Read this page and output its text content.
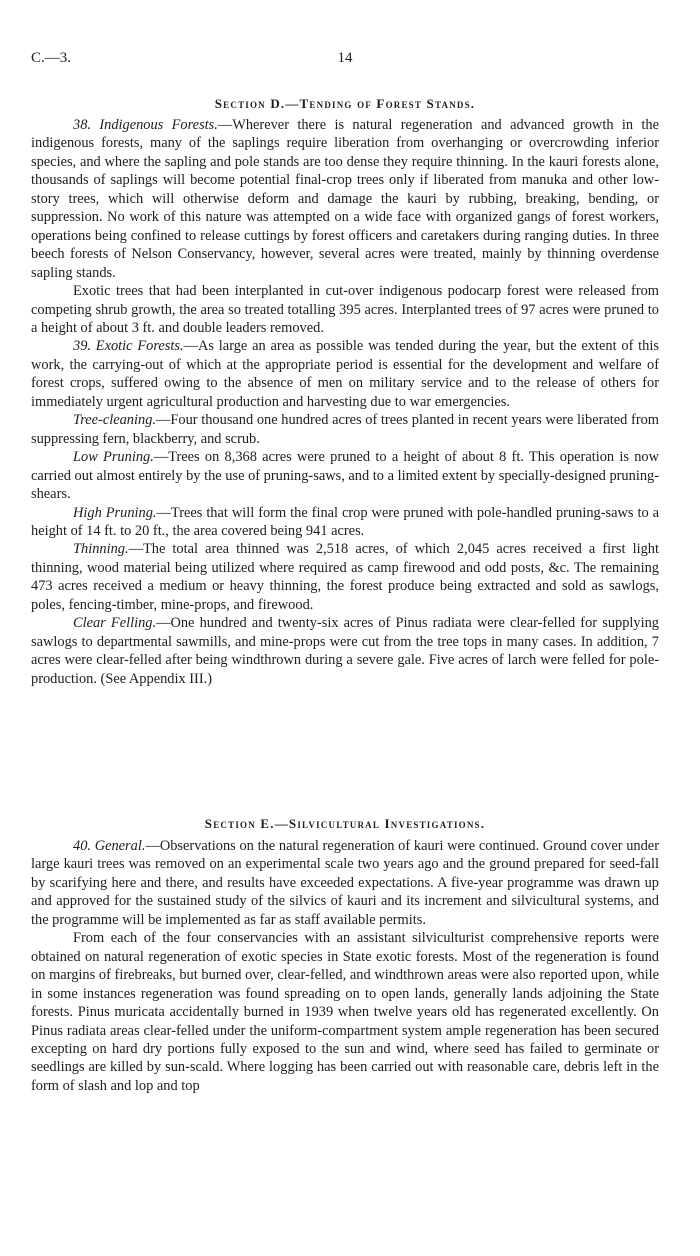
C.—3.	14
Section D.—Tending of Forest Stands.

38. Indigenous Forests.—Wherever there is natural regeneration and advanced growth in the indigenous forests, many of the saplings require liberation from overhanging or overcrowding inferior species, and where the sapling and pole stands are too dense they require thinning. In the kauri forests alone, thousands of saplings will become potential final-crop trees only if liberated from manuka and other low-story trees, which will otherwise deform and damage the kauri by rubbing, breaking, bending, or suppression. No work of this nature was attempted on a wide face with organized gangs of forest workers, operations being confined to release cuttings by forest officers and caretakers during ranging duties. In three beech forests of Nelson Conservancy, however, several acres were treated, mainly by thinning overdense sapling stands.

Exotic trees that had been interplanted in cut-over indigenous podocarp forest were released from competing shrub growth, the area so treated totalling 395 acres. Interplanted trees of 97 acres were pruned to a height of about 3 ft. and double leaders removed.

39. Exotic Forests.—As large an area as possible was tended during the year, but the extent of this work, the carrying-out of which at the appropriate period is essential for the development and welfare of forest crops, suffered owing to the absence of men on military service and to the release of others for immediately urgent agricultural production and harvesting due to war emergencies.

Tree-cleaning.—Four thousand one hundred acres of trees planted in recent years were liberated from suppressing fern, blackberry, and scrub.

Low Pruning.—Trees on 8,368 acres were pruned to a height of about 8 ft. This operation is now carried out almost entirely by the use of pruning-saws, and to a limited extent by specially-designed pruning-shears.

High Pruning.—Trees that will form the final crop were pruned with pole-handled pruning-saws to a height of 14 ft. to 20 ft., the area covered being 941 acres.

Thinning.—The total area thinned was 2,518 acres, of which 2,045 acres received a first light thinning, wood material being utilized where required as camp firewood and odd posts, &c. The remaining 473 acres received a medium or heavy thinning, the forest produce being extracted and sold as sawlogs, poles, fencing-timber, mine-props, and firewood.

Clear Felling.—One hundred and twenty-six acres of Pinus radiata were clear-felled for supplying sawlogs to departmental sawmills, and mine-props were cut from the tree tops in many cases. In addition, 7 acres were clear-felled after being windthrown during a severe gale. Five acres of larch were felled for pole-production. (See Appendix III.)

Section E.—Silvicultural Investigations.

40. General.—Observations on the natural regeneration of kauri were continued. Ground cover under large kauri trees was removed on an experimental scale two years ago and the ground prepared for seed-fall by scarifying here and there, and results have exceeded expectations. A five-year programme was drawn up and approved for the sustained study of the silvics of kauri and its increment and silvicultural systems, and the programme will be implemented as far as staff available permits.

From each of the four conservancies with an assistant silviculturist comprehensive reports were obtained on natural regeneration of exotic species in State exotic forests. Most of the regeneration is found on margins of firebreaks, but burned over, clear-felled, and windthrown areas were also reported upon, while in some instances regeneration was found spreading on to open lands, generally lands adjoining the State forests. Pinus muricata accidentally burned in 1939 when twelve years old has regenerated excellently. On Pinus radiata areas clear-felled under the uniform-compartment system ample regeneration has been secured excepting on hard dry portions fully exposed to the sun and wind, where seed has failed to germinate or seedlings are killed by sun-scald. Where logging has been carried out with reasonable care, debris left in the form of slash and lop and top
